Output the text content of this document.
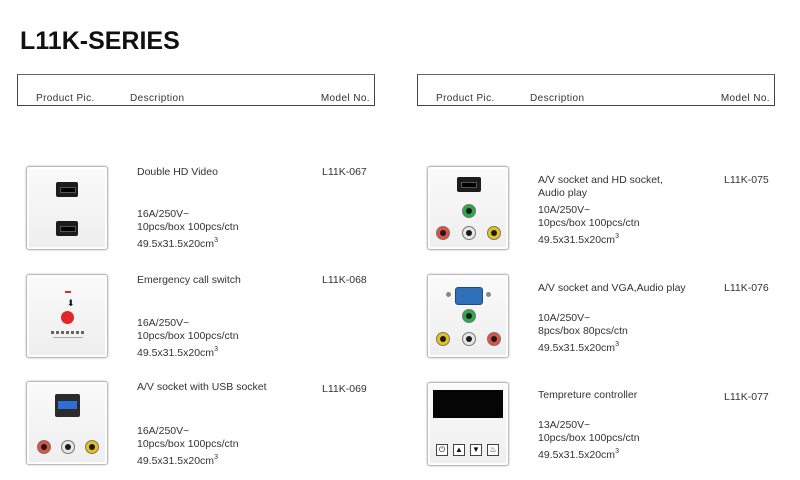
L11K-SERIES
Product Pic.	Description	Model No.	Product Pic.	Description	Model No.
Double HD Video	L11K-067
16A/250V~
10pcs/box 100pcs/ctn
$49.5x31.5x20cm^3$
⬇
Emergency call switch	L11K-068
16A/250V~
10pcs/box 100pcs/ctn
$49.5x31.5x20cm^3$
A/V socket with USB socket	L11K-069
16A/250V~
10pcs/box 100pcs/ctn
$49.5x31.5x20cm^3$
A/V socket and HD socket, Audio play
L11K-075
10A/250V~
10pcs/box 100pcs/ctn
$49.5x31.5x20cm^3$
A/V socket and VGA,Audio play	L11K-076
10A/250V~
8pcs/box 80pcs/ctn
$49.5x31.5x20cm^3$
⏻	▲ ▼	♨
Tempreture controller	L11K-077
13A/250V~
10pcs/box 100pcs/ctn
$49.5x31.5x20cm^3$
